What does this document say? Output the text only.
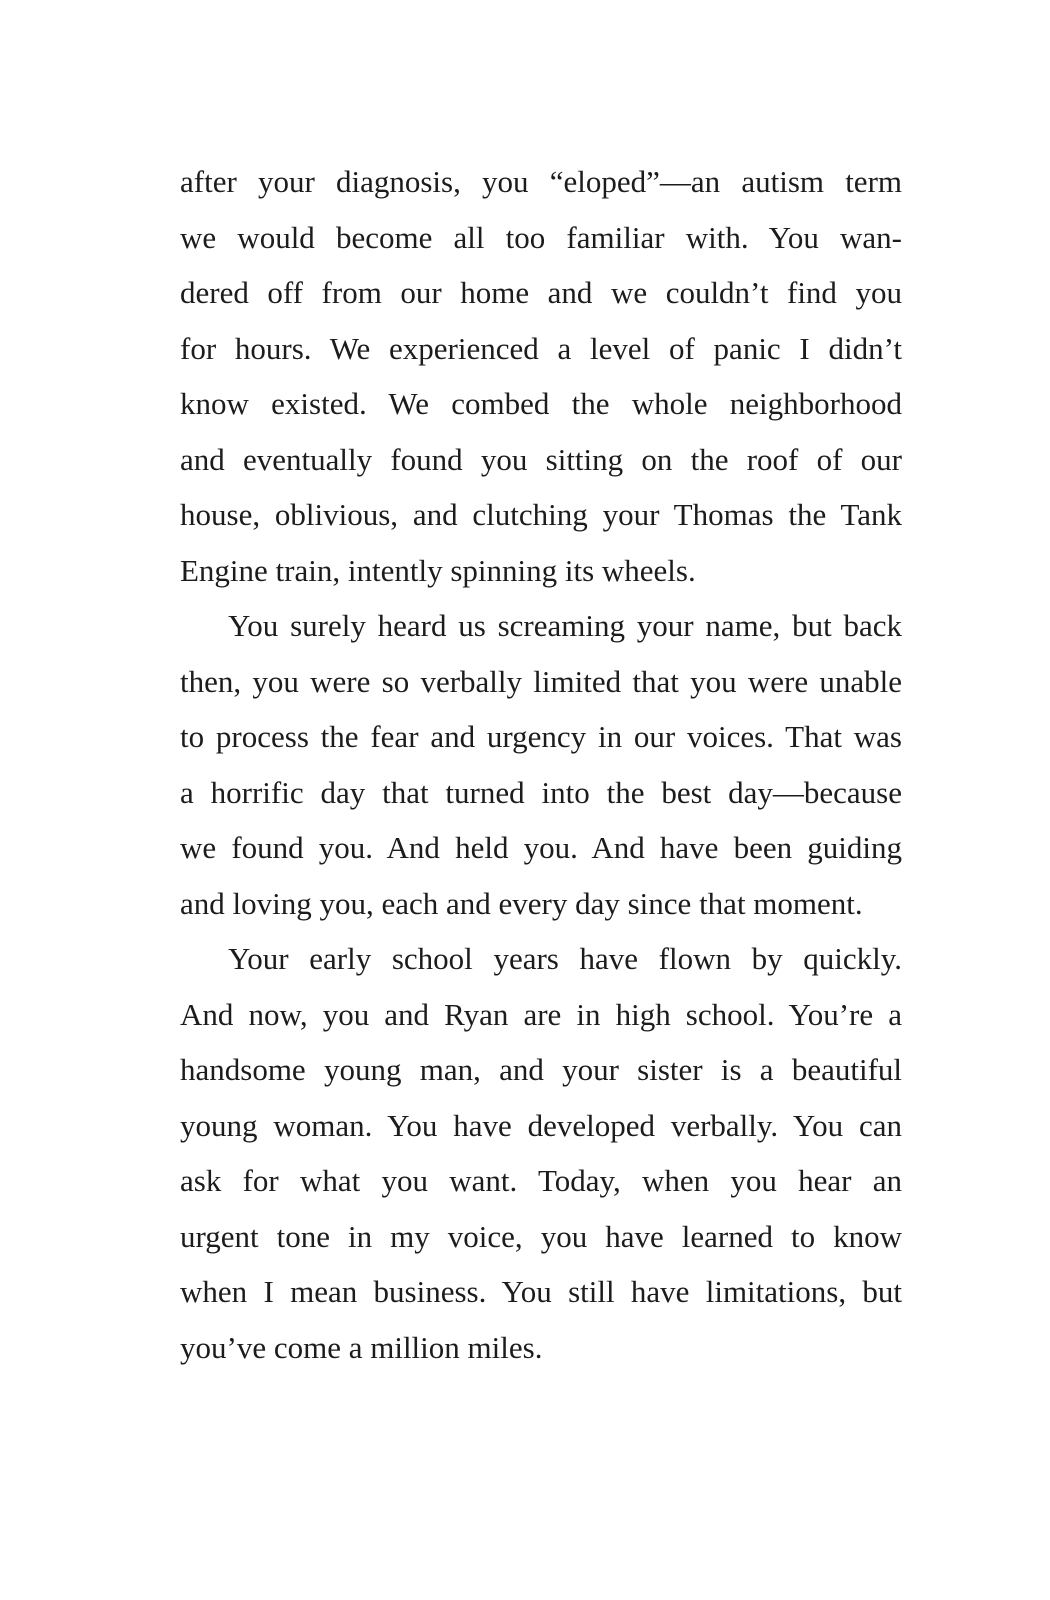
after your diagnosis, you “eloped”—an autism term
we would become all too familiar with. You wan-
dered off from our home and we couldn’t find you
for hours. We experienced a level of panic I didn’t
know existed. We combed the whole neighborhood
and eventually found you sitting on the roof of our
house, oblivious, and clutching your Thomas the Tank
Engine train, intently spinning its wheels.
You surely heard us screaming your name, but back
then, you were so verbally limited that you were unable
to process the fear and urgency in our voices. That was
a horrific day that turned into the best day—because
we found you. And held you. And have been guiding
and loving you, each and every day since that moment.
Your early school years have flown by quickly.
And now, you and Ryan are in high school. You’re a
handsome young man, and your sister is a beautiful
young woman. You have developed verbally. You can
ask for what you want. Today, when you hear an
urgent tone in my voice, you have learned to know
when I mean business. You still have limitations, but
you’ve come a million miles.
